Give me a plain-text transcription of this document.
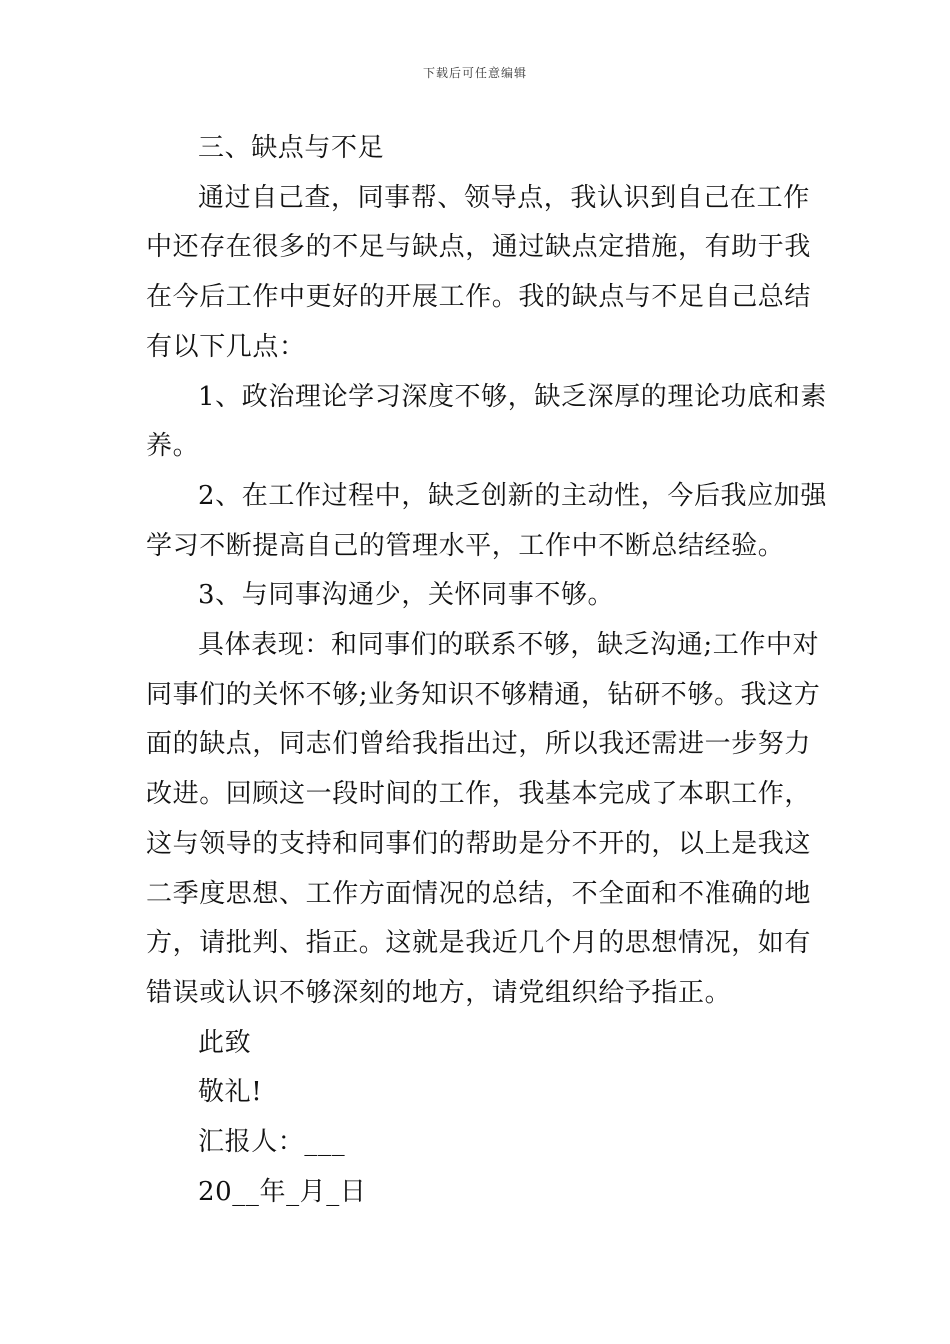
下载后可任意编辑

三、缺点与不足

通过自己查，同事帮、领导点，我认识到自己在工作

中还存在很多的不足与缺点，通过缺点定措施，有助于我

在今后工作中更好的开展工作。我的缺点与不足自己总结

有以下几点：

1、政治理论学习深度不够，缺乏深厚的理论功底和素

养。

2、在工作过程中，缺乏创新的主动性，今后我应加强

学习不断提高自己的管理水平，工作中不断总结经验。

3、与同事沟通少，关怀同事不够。

具体表现：和同事们的联系不够，缺乏沟通;工作中对

同事们的关怀不够;业务知识不够精通，钻研不够。我这方

面的缺点，同志们曾给我指出过，所以我还需进一步努力

改进。回顾这一段时间的工作，我基本完成了本职工作，

这与领导的支持和同事们的帮助是分不开的，以上是我这

二季度思想、工作方面情况的总结，不全面和不准确的地

方，请批判、指正。这就是我近几个月的思想情况，如有

错误或认识不够深刻的地方，请党组织给予指正。

此致

敬礼!

汇报人：___

20__年_月_日
